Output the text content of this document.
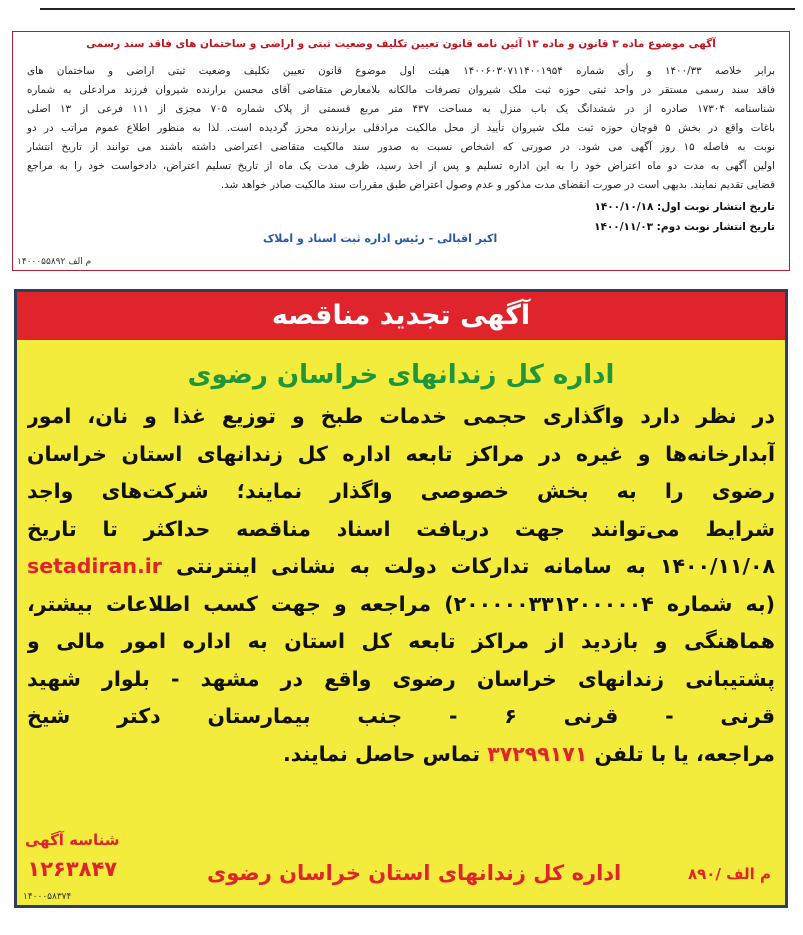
آگهی موضوع ماده ۳ قانون و ماده ۱۳ آئین نامه قانون تعیین تکلیف وضعیت ثبتی و اراضی و ساختمان های فاقد سند رسمی

برابر خلاصه ۱۴۰۰/۳۳ و رأی شماره ۱۴۰۰۶۰۳۰۷۱۱۴۰۰۱۹۵۴ هیئت اول موضوع قانون تعیین تکلیف وضعیت ثبتی اراضی و ساختمان های

فاقد سند رسمی مستقر در واحد ثبتی حوزه ثبت ملک شیروان تصرفات مالکانه بلامعارض متقاضی آقای محسن برارنده شیروان فرزند مرادعلی به شماره

شناسنامه ۱۷۳۰۴ صادره از در ششدانگ یک باب منزل به مساحت ۴۳۷ متر مربع قسمتی از پلاک شماره ۷۰۵ مجزی از ۱۱۱ فرعی از ۱۳ اصلی

باغات واقع در بخش ۵ قوچان حوزه ثبت ملک شیروان تأیید از محل مالکیت مرادقلی برارنده محرز گردیده است. لذا به منظور اطلاع عموم مراتب در دو

نوبت به فاصله ۱۵ روز آگهی می شود. در صورتی که اشخاص نسبت به صدور سند مالکیت متقاضی اعتراضی داشته باشند می توانند از تاریخ انتشار

اولین آگهی به مدت دو ماه اعتراض خود را به این اداره تسلیم و پس از اخذ رسید، ظرف مدت یک ماه از تاریخ تسلیم اعتراض، دادخواست خود را به مراجع

قضایی تقدیم نمایند. بدیهی است در صورت انقضای مدت مذکور و عدم وصول اعتراض طبق مقررات سند مالکیت صادر خواهد شد.

تاریخ انتشار نوبت اول: ۱۴۰۰/۱۰/۱۸
تاریخ انتشار نوبت دوم: ۱۴۰۰/۱۱/۰۳
اکبر اقبالی - رئیس اداره ثبت اسناد و املاک
م الف ۱۴۰۰۰۵۵۸۹۲
آگهی تجدید مناقصه
اداره کل زندانهای خراسان رضوی

در نظر دارد واگذاری حجمی خدمات طبخ و توزیع غذا و نان، امور

آبدارخانه‌ها و غیره در مراکز تابعه اداره کل زندانهای استان خراسان

رضوی را به بخش خصوصی واگذار نمایند؛ شرکت‌های واجد

شرایط می‌توانند جهت دریافت اسناد مناقصه حداکثر تا تاریخ

۱۴۰۰/۱۱/۰۸ به سامانه تدارکات دولت به نشانی اینترنتی setadiran.ir

(به شماره ۲۰۰۰۰۰۳۳۱۲۰۰۰۰۰۴) مراجعه و جهت کسب اطلاعات بیشتر،

هماهنگی و بازدید از مراکز تابعه کل استان به اداره امور مالی و

پشتیبانی زندانهای خراسان رضوی واقع در مشهد - بلوار شهید

قرنی - قرنی ۶ - جنب بیمارستان دکتر شیخ

مراجعه، یا با تلفن ۳۷۲۹۹۱۷۱ تماس حاصل نمایند.

م الف /۸۹۰
اداره کل زندانهای استان خراسان رضوی
شناسه آگهی
۱۲۶۳۸۴۷
۱۴۰۰۰۵۸۳۷۴
